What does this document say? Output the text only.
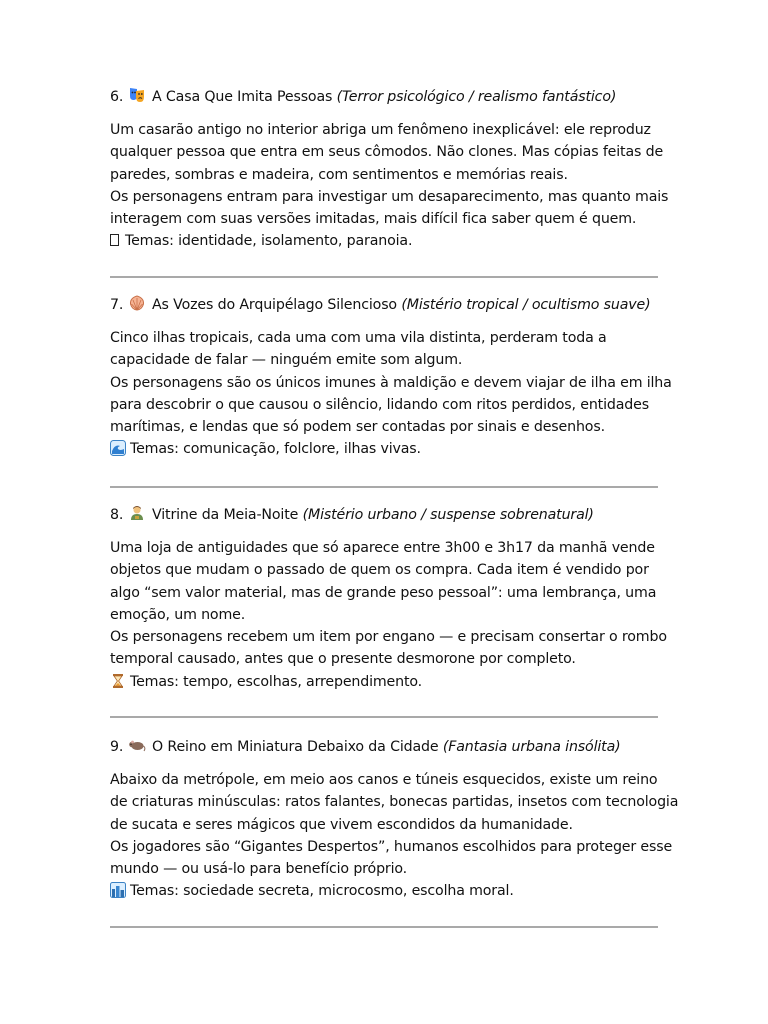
6. A Casa Que Imita Pessoas (Terror psicológico / realismo fantástico)
Um casarão antigo no interior abriga um fenômeno inexplicável: ele reproduz
qualquer pessoa que entra em seus cômodos. Não clones. Mas cópias feitas de
paredes, sombras e madeira, com sentimentos e memórias reais.
Os personagens entram para investigar um desaparecimento, mas quanto mais
interagem com suas versões imitadas, mais difícil fica saber quem é quem.
Temas: identidade, isolamento, paranoia.
7. As Vozes do Arquipélago Silencioso (Mistério tropical / ocultismo suave)
Cinco ilhas tropicais, cada uma com uma vila distinta, perderam toda a
capacidade de falar — ninguém emite som algum.
Os personagens são os únicos imunes à maldição e devem viajar de ilha em ilha
para descobrir o que causou o silêncio, lidando com ritos perdidos, entidades
marítimas, e lendas que só podem ser contadas por sinais e desenhos.
Temas: comunicação, folclore, ilhas vivas.
8. Vitrine da Meia-Noite (Mistério urbano / suspense sobrenatural)
Uma loja de antiguidades que só aparece entre 3h00 e 3h17 da manhã vende
objetos que mudam o passado de quem os compra. Cada item é vendido por
algo “sem valor material, mas de grande peso pessoal”: uma lembrança, uma
emoção, um nome.
Os personagens recebem um item por engano — e precisam consertar o rombo
temporal causado, antes que o presente desmorone por completo.
Temas: tempo, escolhas, arrependimento.
9. O Reino em Miniatura Debaixo da Cidade (Fantasia urbana insólita)
Abaixo da metrópole, em meio aos canos e túneis esquecidos, existe um reino
de criaturas minúsculas: ratos falantes, bonecas partidas, insetos com tecnologia
de sucata e seres mágicos que vivem escondidos da humanidade.
Os jogadores são “Gigantes Despertos”, humanos escolhidos para proteger esse
mundo — ou usá-lo para benefício próprio.
Temas: sociedade secreta, microcosmo, escolha moral.
